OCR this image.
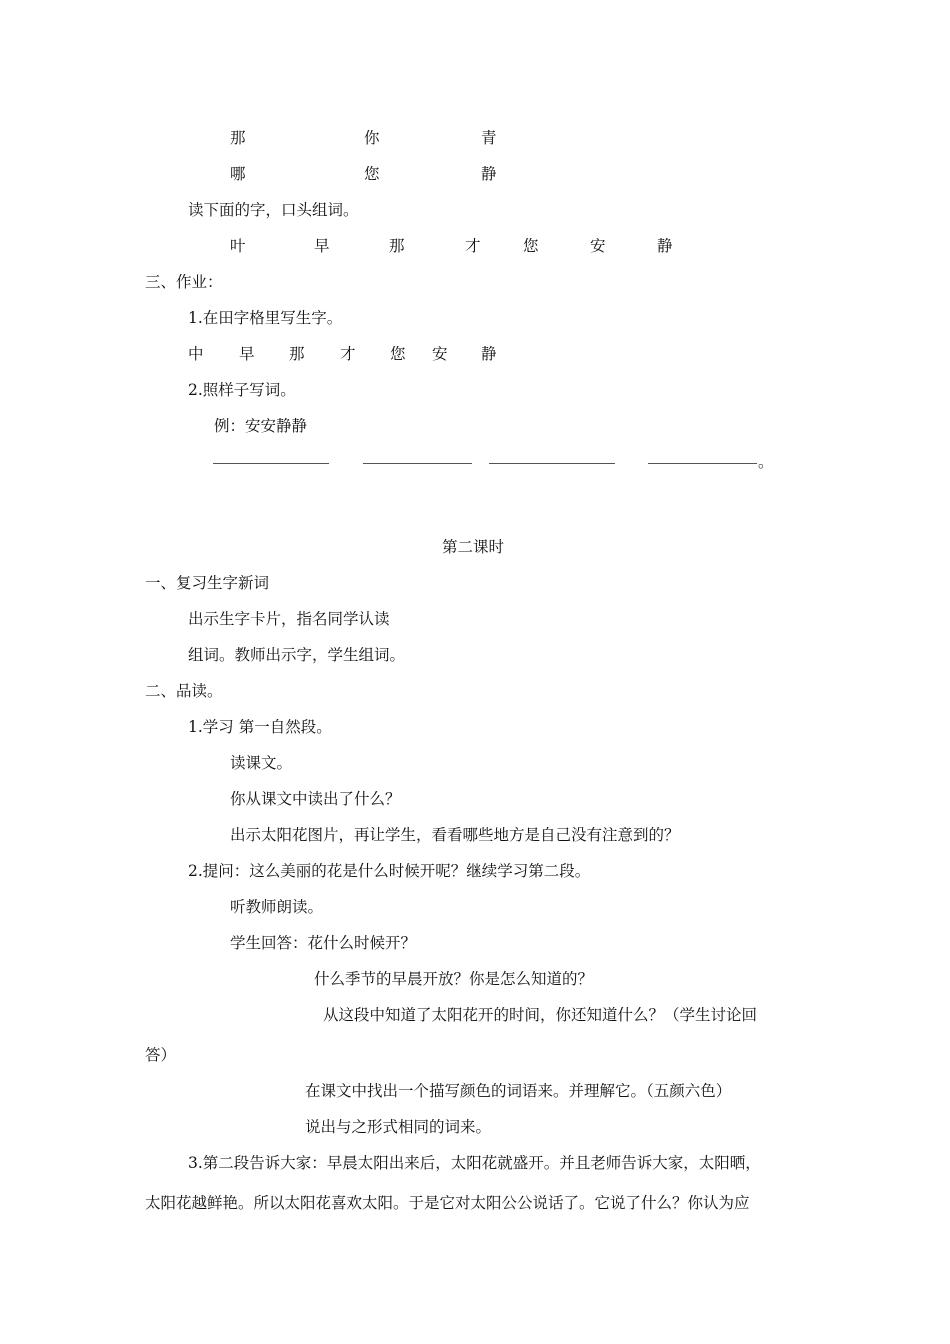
那	你	青
哪	您	静
读下面的字，口头组词。
叶	早	那	才	您	安	静
三、作业：
1.在田字格里写生字。
中 早 那 才 您 安 静
2.照样子写词。
例：安安静静
。
第二课时
一、复习生字新词
出示生字卡片，指名同学认读
组词。教师出示字，学生组词。
二、品读。
1.学习 第一自然段。
读课文。
你从课文中读出了什么？
出示太阳花图片，再让学生，看看哪些地方是自己没有注意到的？
2.提问：这么美丽的花是什么时候开呢？继续学习第二段。
听教师朗读。
学生回答：花什么时候开？
什么季节的早晨开放？你是怎么知道的？
从这段中知道了太阳花开的时间，你还知道什么？（学生讨论回
答）
在课文中找出一个描写颜色的词语来。并理解它。（五颜六色）
说出与之形式相同的词来。
3.第二段告诉大家：早晨太阳出来后，太阳花就盛开。并且老师告诉大家，太阳晒，
太阳花越鲜艳。所以太阳花喜欢太阳。于是它对太阳公公说话了。它说了什么？你认为应
